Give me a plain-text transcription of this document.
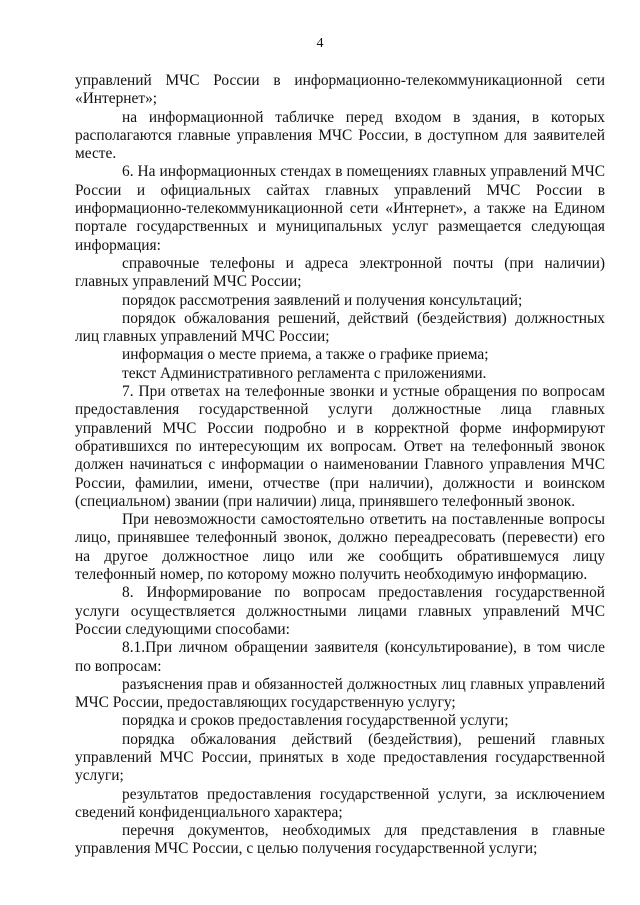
4

управлений МЧС России в информационно-телекоммуникационной сети «Интернет»;

на информационной табличке перед входом в здания, в которых располагаются главные управления МЧС России, в доступном для заявителей месте.

6. На информационных стендах в помещениях главных управлений МЧС России и официальных сайтах главных управлений МЧС России в информационно-телекоммуникационной сети «Интернет», а также на Едином портале государственных и муниципальных услуг размещается следующая информация:

справочные телефоны и адреса электронной почты (при наличии) главных управлений МЧС России;

порядок рассмотрения заявлений и получения консультаций;

порядок обжалования решений, действий (бездействия) должностных лиц главных управлений МЧС России;

информация о месте приема, а также о графике приема;

текст Административного регламента с приложениями.

7. При ответах на телефонные звонки и устные обращения по вопросам предоставления государственной услуги должностные лица главных управлений МЧС России подробно и в корректной форме информируют обратившихся по интересующим их вопросам. Ответ на телефонный звонок должен начинаться с информации о наименовании Главного управления МЧС России, фамилии, имени, отчестве (при наличии), должности и воинском (специальном) звании (при наличии) лица, принявшего телефонный звонок.

При невозможности самостоятельно ответить на поставленные вопросы лицо, принявшее телефонный звонок, должно переадресовать (перевести) его на другое должностное лицо или же сообщить обратившемуся лицу телефонный номер, по которому можно получить необходимую информацию.

8. Информирование по вопросам предоставления государственной услуги осуществляется должностными лицами главных управлений МЧС России следующими способами:

8.1.При личном обращении заявителя (консультирование), в том числе по вопросам:

разъяснения прав и обязанностей должностных лиц главных управлений МЧС России, предоставляющих государственную услугу;

порядка и сроков предоставления государственной услуги;

порядка обжалования действий (бездействия), решений главных управлений МЧС России, принятых в ходе предоставления государственной услуги;

результатов предоставления государственной услуги, за исключением сведений конфиденциального характера;

перечня документов, необходимых для представления в главные управления МЧС России, с целью получения государственной услуги;
